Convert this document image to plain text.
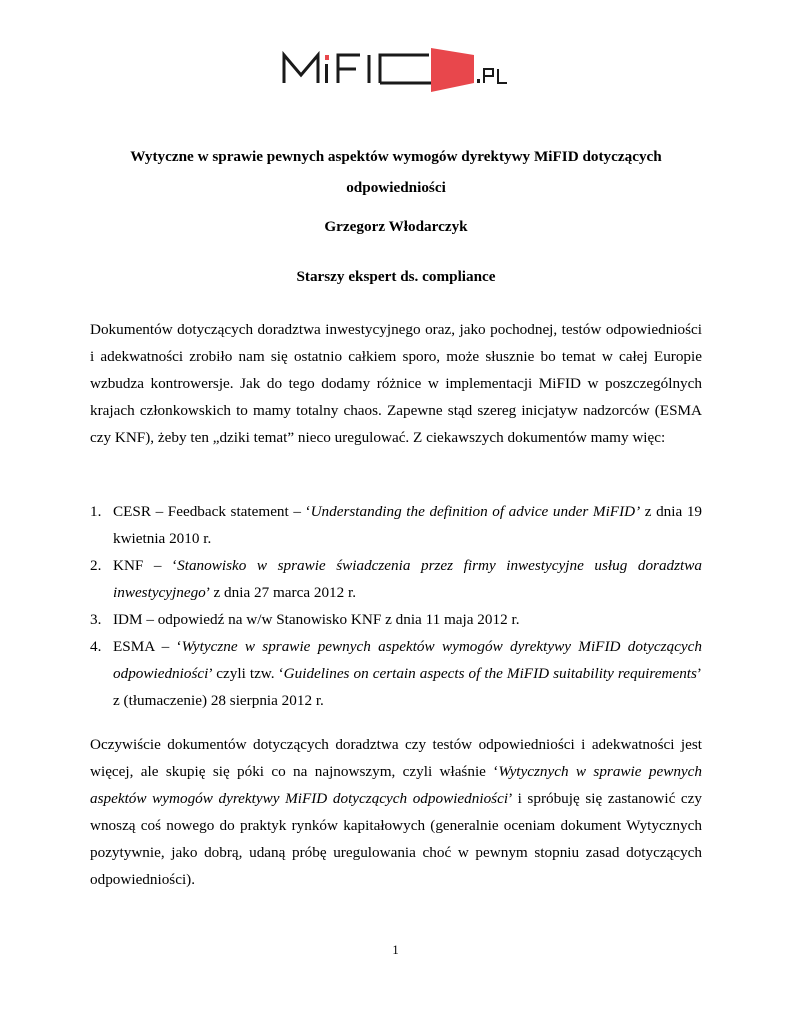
Wytyczne w sprawie pewnych aspektów wymogów dyrektywy MiFID dotyczących odpowiedniości
Grzegorz Włodarczyk
Starszy ekspert ds. compliance

Dokumentów dotyczących doradztwa inwestycyjnego oraz, jako pochodnej, testów odpowiedniości i adekwatności zrobiło nam się ostatnio całkiem sporo, może słusznie bo temat w całej Europie wzbudza kontrowersje. Jak do tego dodamy różnice w implementacji MiFID w poszczególnych krajach członkowskich to mamy totalny chaos. Zapewne stąd szereg inicjatyw nadzorców (ESMA czy KNF), żeby ten „dziki temat” nieco uregulować. Z ciekawszych dokumentów mamy więc:

1. CESR – Feedback statement – ‘Understanding the definition of advice under MiFID’ z dnia 19 kwietnia 2010 r.
2. KNF – ‘Stanowisko w sprawie świadczenia przez firmy inwestycyjne usług doradztwa inwestycyjnego’ z dnia 27 marca 2012 r.
3. IDM – odpowiedź na w/w Stanowisko KNF z dnia 11 maja 2012 r.
4. ESMA – ‘Wytyczne w sprawie pewnych aspektów wymogów dyrektywy MiFID dotyczących odpowiedniości’ czyli tzw. ‘Guidelines on certain aspects of the MiFID suitability requirements’ z (tłumaczenie) 28 sierpnia 2012 r.

Oczywiście dokumentów dotyczących doradztwa czy testów odpowiedniości i adekwatności jest więcej, ale skupię się póki co na najnowszym, czyli właśnie ‘Wytycznych w sprawie pewnych aspektów wymogów dyrektywy MiFID dotyczących odpowiedniości’ i spróbuję się zastanowić czy wnoszą coś nowego do praktyk rynków kapitałowych (generalnie oceniam dokument Wytycznych pozytywnie, jako dobrą, udaną próbę uregulowania choć w pewnym stopniu zasad dotyczących odpowiedniości).

1
